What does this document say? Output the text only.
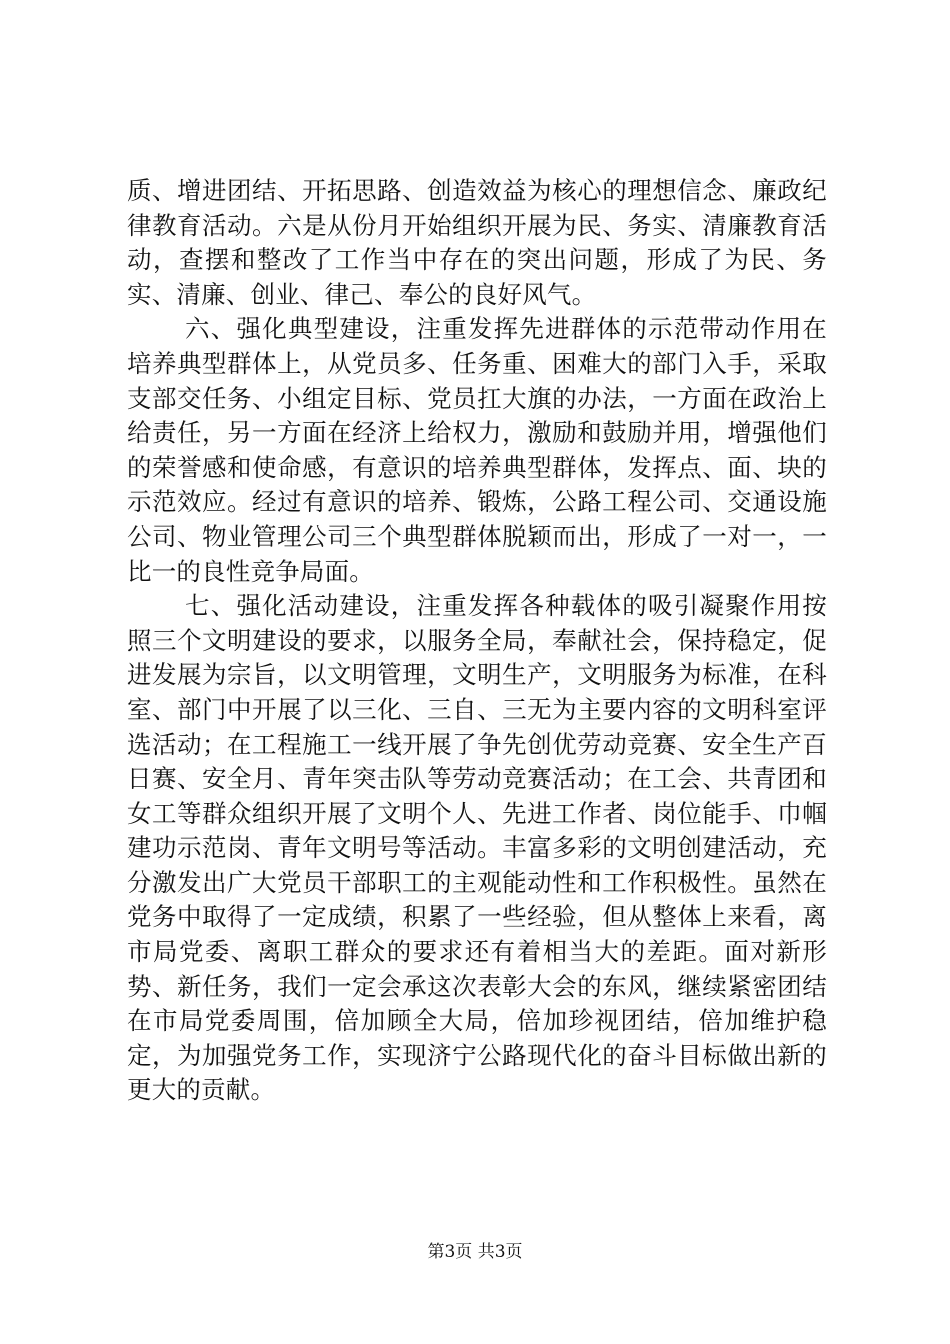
质、增进团结、开拓思路、创造效益为核心的理想信念、廉政纪律教育活动。六是从份月开始组织开展为民、务实、清廉教育活动，查摆和整改了工作当中存在的突出问题，形成了为民、务实、清廉、创业、律己、奉公的良好风气。

六、强化典型建设，注重发挥先进群体的示范带动作用在培养典型群体上，从党员多、任务重、困难大的部门入手，采取支部交任务、小组定目标、党员扛大旗的办法，一方面在政治上给责任，另一方面在经济上给权力，激励和鼓励并用，增强他们的荣誉感和使命感，有意识的培养典型群体，发挥点、面、块的示范效应。经过有意识的培养、锻炼，公路工程公司、交通设施公司、物业管理公司三个典型群体脱颖而出，形成了一对一，一比一的良性竞争局面。

七、强化活动建设，注重发挥各种载体的吸引凝聚作用按照三个文明建设的要求，以服务全局，奉献社会，保持稳定，促进发展为宗旨，以文明管理，文明生产，文明服务为标准，在科室、部门中开展了以三化、三自、三无为主要内容的文明科室评选活动；在工程施工一线开展了争先创优劳动竞赛、安全生产百日赛、安全月、青年突击队等劳动竞赛活动；在工会、共青团和女工等群众组织开展了文明个人、先进工作者、岗位能手、巾帼建功示范岗、青年文明号等活动。丰富多彩的文明创建活动，充分激发出广大党员干部职工的主观能动性和工作积极性。虽然在党务中取得了一定成绩，积累了一些经验，但从整体上来看，离市局党委、离职工群众的要求还有着相当大的差距。面对新形势、新任务，我们一定会承这次表彰大会的东风，继续紧密团结在市局党委周围，倍加顾全大局，倍加珍视团结，倍加维护稳定，为加强党务工作，实现济宁公路现代化的奋斗目标做出新的更大的贡献。

第3页 共3页
